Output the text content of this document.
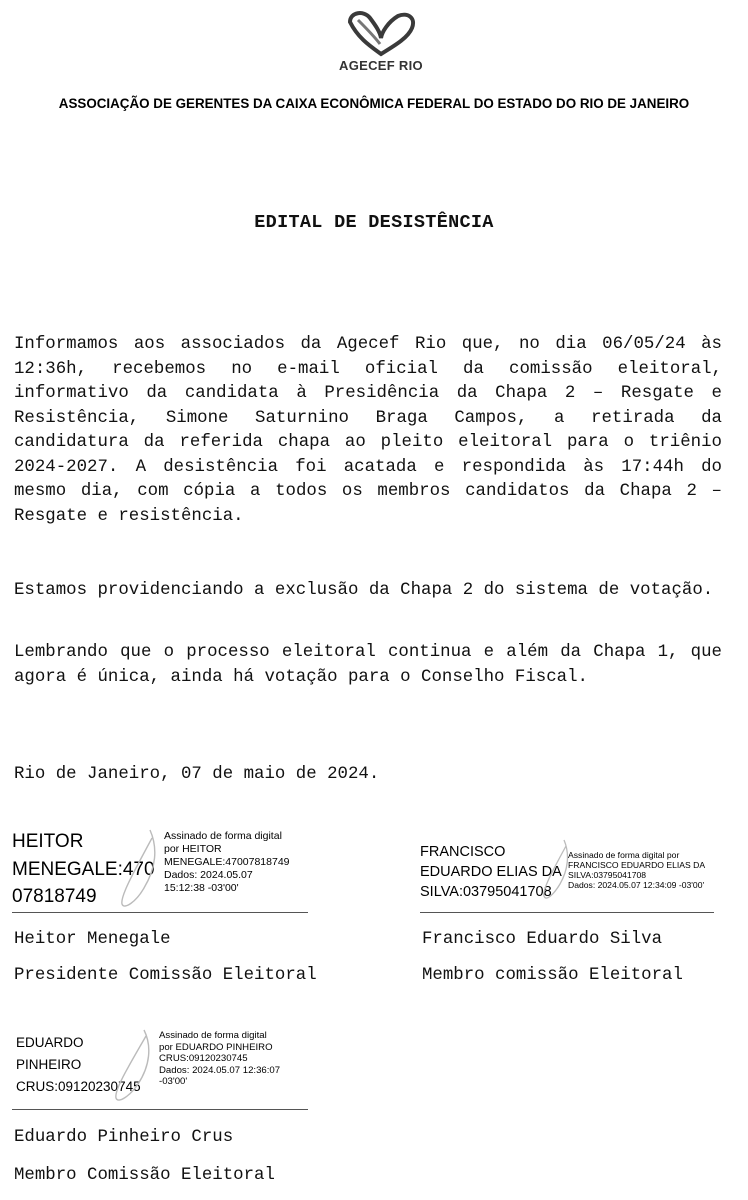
AGECEF RIO
ASSOCIAÇÃO DE GERENTES DA CAIXA ECONÔMICA FEDERAL DO ESTADO DO RIO DE JANEIRO
EDITAL DE DESISTÊNCIA

Informamos aos associados da Agecef Rio que, no dia 06/05/24 às 12:36h, recebemos no e-mail oficial da comissão eleitoral, informativo da candidata à Presidência da Chapa 2 – Resgate e Resistência, Simone Saturnino Braga Campos, a retirada da candidatura da referida chapa ao pleito eleitoral para o triênio 2024-2027. A desistência foi acatada e respondida às 17:44h do mesmo dia, com cópia a todos os membros candidatos da Chapa 2 – Resgate e resistência.

Estamos providenciando a exclusão da Chapa 2 do sistema de votação.

Lembrando que o processo eleitoral continua e além da Chapa 1, que agora é única, ainda há votação para o Conselho Fiscal.

Rio de Janeiro, 07 de maio de 2024.
HEITOR
MENEGALE:470
07818749
Assinado de forma digital
por HEITOR
MENEGALE:47007818749
Dados: 2024.05.07
15:12:38 -03'00'
Heitor Menegale
Presidente Comissão Eleitoral
FRANCISCO
EDUARDO ELIAS DA
SILVA:03795041708
Assinado de forma digital por
FRANCISCO EDUARDO ELIAS DA
SILVA:03795041708
Dados: 2024.05.07 12:34:09 -03'00'
Francisco Eduardo Silva
Membro comissão Eleitoral
EDUARDO
PINHEIRO
CRUS:09120230745
Assinado de forma digital
por EDUARDO PINHEIRO
CRUS:09120230745
Dados: 2024.05.07 12:36:07
-03'00'
Eduardo Pinheiro Crus
Membro Comissão Eleitoral
